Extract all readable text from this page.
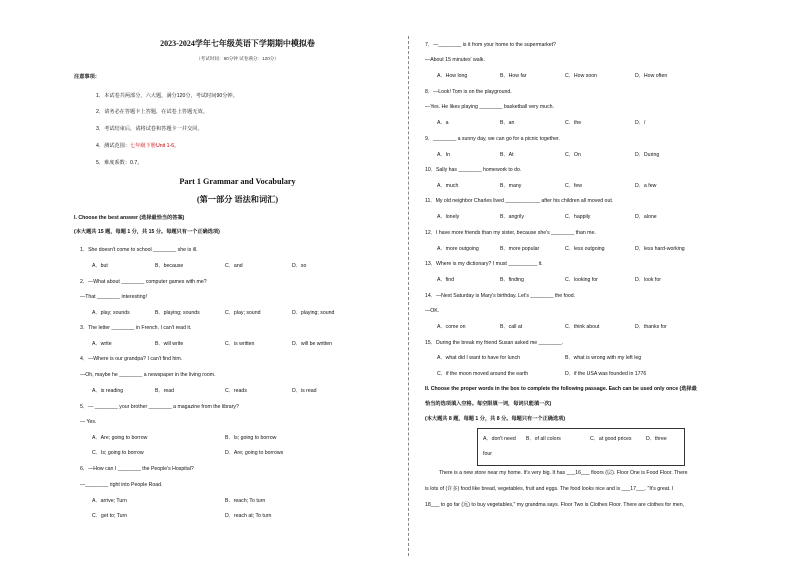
2023-2024学年七年级英语下学期期中模拟卷
（考试时间：90分钟 试卷满分：120分）
注意事项：
1．本试卷共两部分，六大题，满分120分，考试时间90分钟。
2．请务必在答题卡上答题，在试卷上答题无效。
3．考试结束后，请将试卷和答题卡一并交回。
4．测试范围：七年级下册Unit 1-6。
5．难度系数：0.7。
Part 1 Grammar and Vocabulary
(第一部分 语法和词汇)
I. Choose the best answer (选择最恰当的答案)
(本大题共 15 题，每题 1 分，共 15 分。每题只有一个正确选项)
1．She doesn't come to school ________ she is ill.
A．but	B．because	C．and	D．so
2．—What about ________ computer games with me?
—That ________ interesting!
A．play; sounds	B．playing; sounds	C．play; sound	D．playing; sound
3．The letter ________ in French. I can't read it.
A．write	B．will write	C．is written	D．will be written
4．—Where is our grandpa? I can't find him.
—Oh, maybe he ________ a newspaper in the living room.
A．is reading	B．read	C．reads	D．is read
5．— ________ your brother ________ a magazine from the library?
— Yes.
A．Are; going to borrow	B．Is; going to borrow
C．Is; going to borrow	D．Are; going to borrows
6．—How can I ________ the People's Hospital?
—________ right into People Road.
A．arrive; Turn	B．reach; To turn
C．get to; Turn	D．reach at; To turn
7．—________ is it from your home to the supermarket?
—About 15 minutes' walk.
A．How long	B．How far	C．How soon	D．How often
8．—Look! Tom is on the playground.
—Yes. He likes playing ________ basketball very much.
A．a	B．an	C．the	D．/
9．________ a sunny day, we can go for a picnic together.
A．In	B．At	C．On	D．During
10．Sally has ________ homework to do.
A．much	B．many	C．few	D．a few
11．My old neighbor Charles lived ____________ after his children all moved out.
A．lonely	B．angrily	C．happily	D．alone
12．I have more friends than my sister, because she's ________ than me.
A．more outgoing	B．more popular	C．less outgoing	D．less hard-working
13．Where is my dictionary? I must __________ it.
A．find	B．finding	C．looking for	D．look for
14．—Next Saturday is Mary's birthday. Let's ________ the food.
—OK.
A．come on	B．call at	C．think about	D．thanks for
15．During the break my friend Susan asked me ________.
A．what did I want to have for lunch	B．what is wrong with my left leg
C．if the moon moved around the earth	D．if the USA was founded in 1776
II. Choose the proper words in the box to complete the following passage. Each can be used only once (选择最
恰当的选项填入空格。每空限填一词，每词只能填一次)
(本大题共 8 题，每题 1 分，共 8 分。每题只有一个正确选项)
A．don't need B．of all colors	C．at good prices	D．three
four
There is a new store near my home. It's very big. It has ___16___ floors (层). Floor One is Food Floor. There
is lots of (许多) food like bread, vegetables, fruit and eggs. The food looks nice and is ___17___. "It's great. I
18___ to go far (远) to buy vegetables," my grandma says. Floor Two is Clothes Floor. There are clothes for men,
